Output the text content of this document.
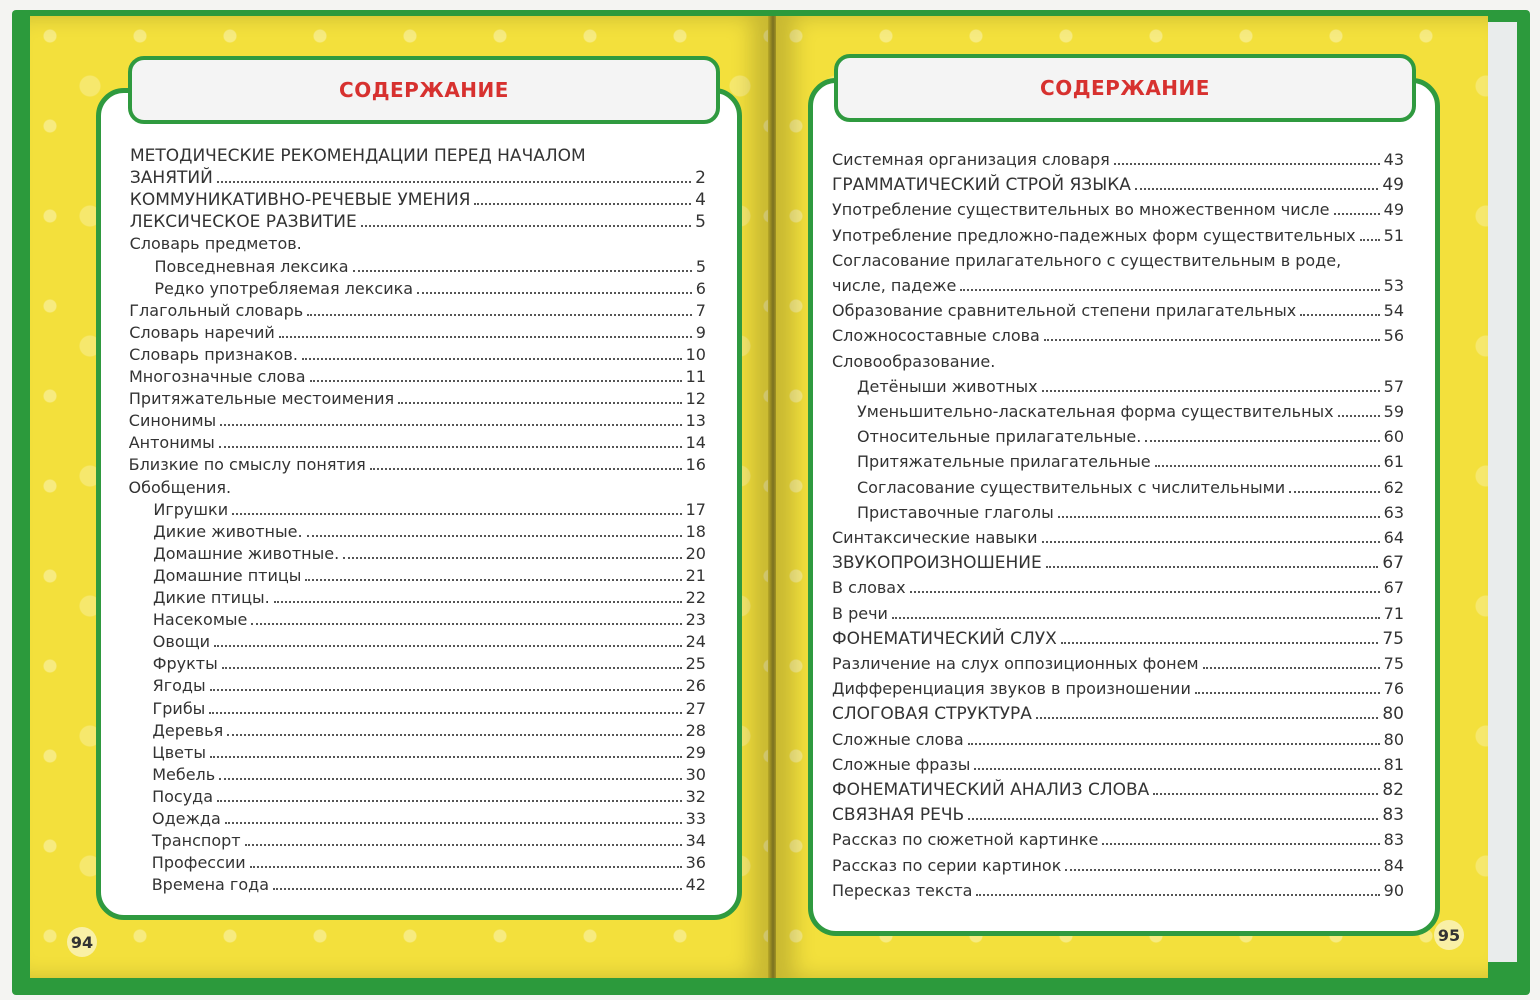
СОДЕРЖАНИЕ
МЕТОДИЧЕСКИЕ РЕКОМЕНДАЦИИ ПЕРЕД НАЧАЛОМ
ЗАНЯТИЙ	2
КОММУНИКАТИВНО-РЕЧЕВЫЕ УМЕНИЯ	4
ЛЕКСИЧЕСКОЕ РАЗВИТИЕ	5
Словарь предметов.
Повседневная лексика	5
Редко употребляемая лексика	6
Глагольный словарь	7
Словарь наречий	9
Словарь признаков.	10
Многозначные слова	11
Притяжательные местоимения	12
Синонимы	13
Антонимы	14
Близкие по смыслу понятия	16
Обобщения.
Игрушки	17
Дикие животные.	18
Домашние животные.	20
Домашние птицы	21
Дикие птицы.	22
Насекомые	23
Овощи	24
Фрукты	25
Ягоды	26
Грибы	27
Деревья	28
Цветы	29
Мебель	30
Посуда	32
Одежда	33
Транспорт	34
Профессии	36
Времена года	42
94
СОДЕРЖАНИЕ
Системная организация словаря	43
ГРАММАТИЧЕСКИЙ СТРОЙ ЯЗЫКА	49
Употребление существительных во множественном числе	49
Употребление предложно-падежных форм существительных 51
Согласование прилагательного с существительным в роде,
числе, падеже	53
Образование сравнительной степени прилагательных	54
Сложносоставные слова	56
Словообразование.
Детёныши животных	57
Уменьшительно-ласкательная форма существительных	59
Относительные прилагательные.	60
Притяжательные прилагательные	61
Согласование существительных с числительными	62
Приставочные глаголы	63
Синтаксические навыки	64
ЗВУКОПРОИЗНОШЕНИЕ	67
В словах	67
В речи	71
ФОНЕМАТИЧЕСКИЙ СЛУХ	75
Различение на слух оппозиционных фонем	75
Дифференциация звуков в произношении	76
СЛОГОВАЯ СТРУКТУРА	80
Сложные слова	80
Сложные фразы	81
ФОНЕМАТИЧЕСКИЙ АНАЛИЗ СЛОВА	82
СВЯЗНАЯ РЕЧЬ	83
Рассказ по сюжетной картинке	83
Рассказ по серии картинок	84
Пересказ текста	90
95
